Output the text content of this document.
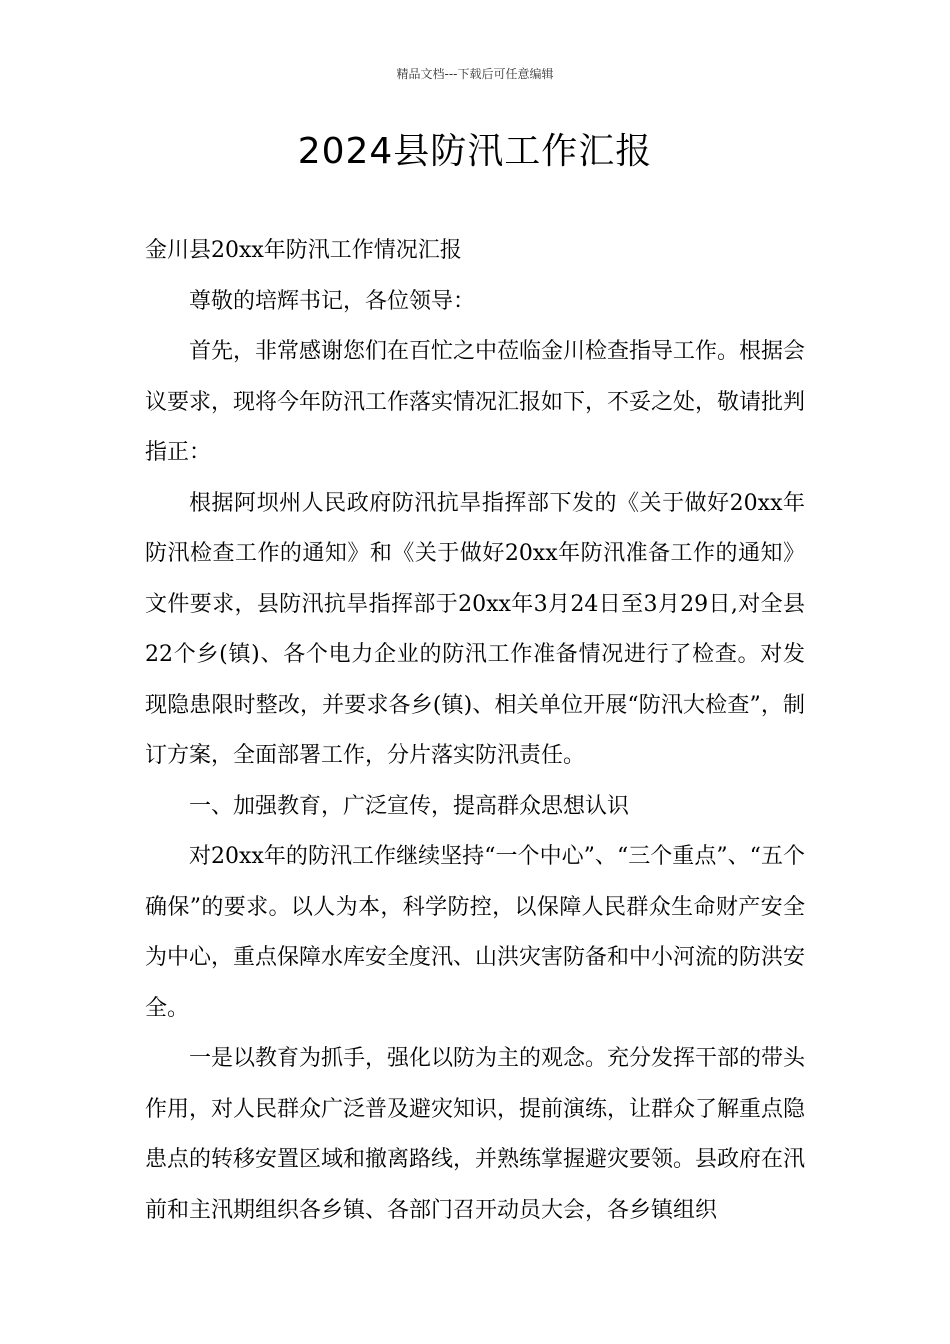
精品文档---下载后可任意编辑
2024县防汛工作汇报

金川县20xx年防汛工作情况汇报

尊敬的培辉书记，各位领导：

首先，非常感谢您们在百忙之中莅临金川检查指导工作。根据会议要求，现将今年防汛工作落实情况汇报如下，不妥之处，敬请批判指正：

根据阿坝州人民政府防汛抗旱指挥部下发的《关于做好20xx年防汛检查工作的通知》和《关于做好20xx年防汛准备工作的通知》文件要求，县防汛抗旱指挥部于20xx年3月24日至3月29日,对全县22个乡(镇)、各个电力企业的防汛工作准备情况进行了检查。对发现隐患限时整改，并要求各乡(镇)、相关单位开展“防汛大检查”，制订方案，全面部署工作，分片落实防汛责任。

一、加强教育，广泛宣传，提高群众思想认识

对20xx年的防汛工作继续坚持“一个中心”、“三个重点”、“五个确保”的要求。以人为本，科学防控，以保障人民群众生命财产安全为中心，重点保障水库安全度汛、山洪灾害防备和中小河流的防洪安全。

一是以教育为抓手，强化以防为主的观念。充分发挥干部的带头作用，对人民群众广泛普及避灾知识，提前演练，让群众了解重点隐患点的转移安置区域和撤离路线，并熟练掌握避灾要领。县政府在汛前和主汛期组织各乡镇、各部门召开动员大会，各乡镇组织
